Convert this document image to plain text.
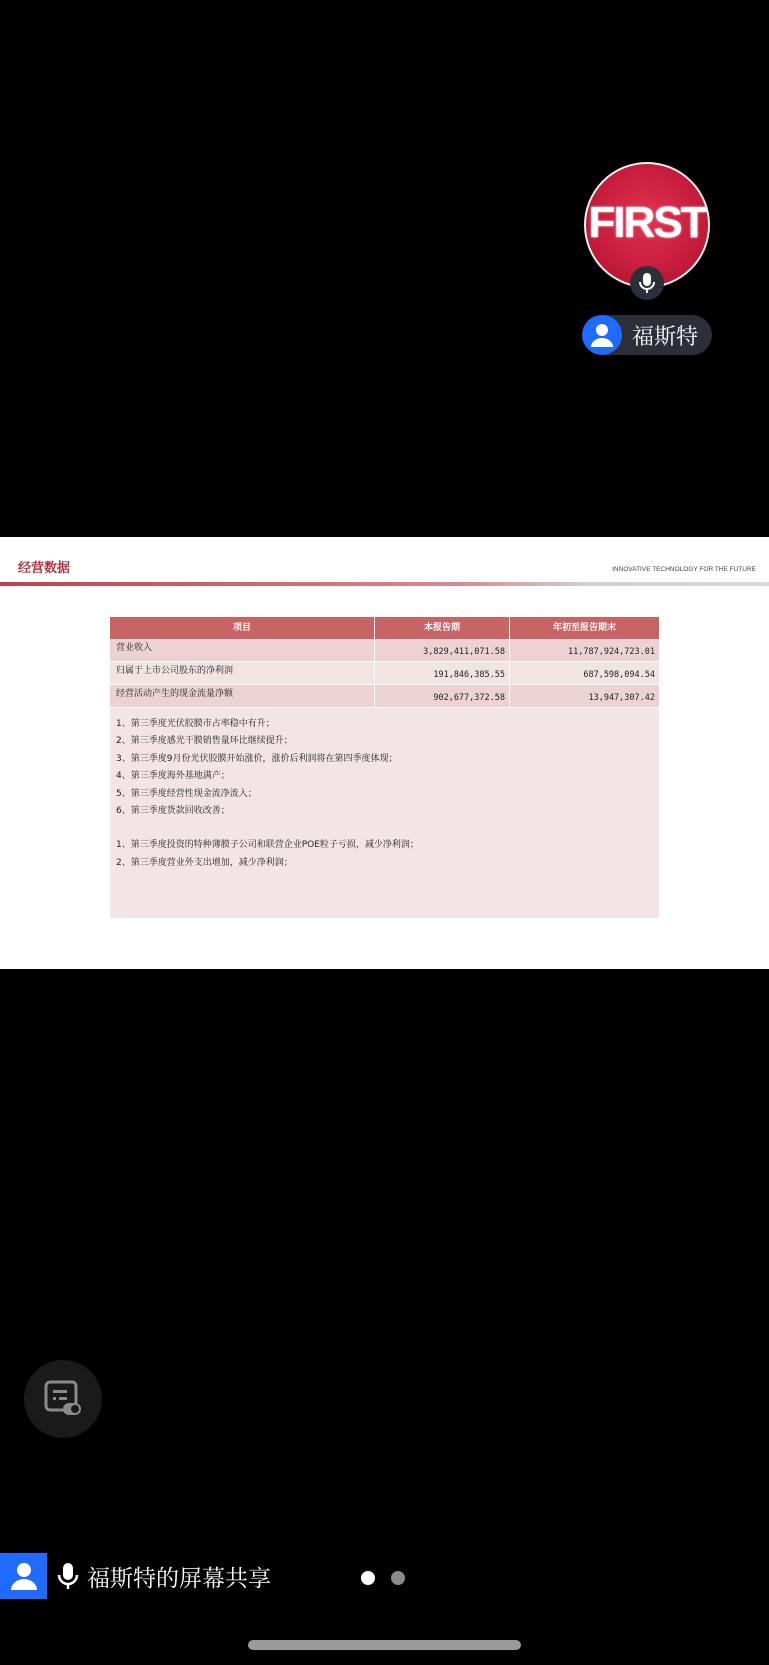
FIRST
福斯特
经营数据	INNOVATIVE TECHNOLOGY FOR THE FUTURE
项目	本报告期	年初至报告期末
营业收入	3,829,411,071.58	11,787,924,723.01
归属于上市公司股东的净利润	191,846,385.55	687,598,094.54
经营活动产生的现金流量净额	902,677,372.58	13,947,307.42
1、第三季度光伏胶膜市占率稳中有升；
2、第三季度感光干膜销售量环比继续提升；
3、第三季度9月份光伏胶膜开始涨价，涨价后利润将在第四季度体现；
4、第三季度海外基地满产；
5、第三季度经营性现金流净流入；
6、第三季度货款回收改善；
1、第三季度投资的特种薄膜子公司和联营企业POE粒子亏损，减少净利润；
2、第三季度营业外支出增加，减少净利润；
福斯特的屏幕共享
